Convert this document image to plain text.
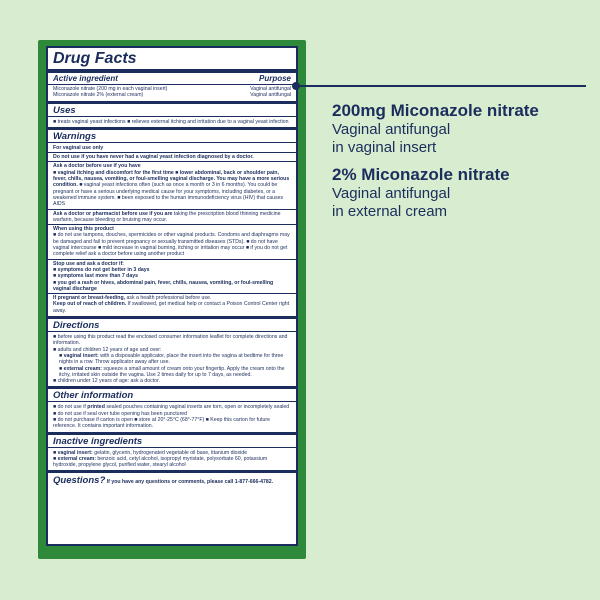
Drug Facts
Active ingredient	Purpose
Miconazole nitrate (200 mg in each vaginal insert)	Vaginal antifungal
Miconazole nitrate 2% (external cream)	Vaginal antifungal
Uses
■ treats vaginal yeast infections ■ relieves external itching and irritation due to a vaginal yeast infection
Warnings
For vaginal use only
Do not use if you have never had a vaginal yeast infection diagnosed by a doctor.
Ask a doctor before use if you have
■ vaginal itching and discomfort for the first time ■ lower abdominal, back or shoulder pain, fever, chills, nausea, vomiting, or foul-smelling vaginal discharge. You may have a more serious condition. ■ vaginal yeast infections often (such as once a month or 3 in 6 months). You could be pregnant or have a serious underlying medical cause for your symptoms, including diabetes, or a weakened immune system. ■ been exposed to the human immunodeficiency virus (HIV) that causes AIDS
Ask a doctor or pharmacist before use if you are taking the prescription blood thinning medicine warfarin, because bleeding or bruising may occur.
When using this product
■ do not use tampons, douches, spermicides or other vaginal products. Condoms and diaphragms may be damaged and fail to prevent pregnancy or sexually transmitted diseases (STDs). ■ do not have vaginal intercourse ■ mild increase in vaginal burning, itching or irritation may occur ■ if you do not get complete relief ask a doctor before using another product
Stop use and ask a doctor if:
■ symptoms do not get better in 3 days
■ symptoms last more than 7 days
■ you get a rash or hives, abdominal pain, fever, chills, nausea, vomiting, or foul-smelling vaginal discharge
If pregnant or breast-feeding, ask a health professional before use.
Keep out of reach of children. If swallowed, get medical help or contact a Poison Control Center right away.
Directions
■ before using this product read the enclosed consumer information leaflet for complete directions and information.
■ adults and children 12 years of age and over:
■ vaginal insert: with a disposable applicator, place the insert into the vagina at bedtime for three nights in a row. Throw applicator away after use.
■ external cream: squeeze a small amount of cream onto your fingertip. Apply the cream onto the itchy, irritated skin outside the vagina. Use 2 times daily for up to 7 days, as needed.
■ children under 12 years of age: ask a doctor.
Other information
■ do not use if printed sealed pouches containing vaginal inserts are torn, open or incompletely sealed ■ do not use if seal over tube opening has been punctured
■ do not purchase if carton is open ■ store at 20°-25°C (68°-77°F) ■ Keep this carton for future reference. It contains important information.
Inactive ingredients
■ vaginal insert: gelatin, glycerin, hydrogenated vegetable oil base, titanium dioxide
■ external cream: benzoic acid, cetyl alcohol, isopropyl myristate, polysorbate 60, potassium hydroxide, propylene glycol, purified water, stearyl alcohol
Questions? If you have any questions or comments, please call 1-877-666-4782.
200mg Miconazole nitrate
Vaginal antifungal
in vaginal insert
2% Miconazole nitrate
Vaginal antifungal
in external cream
